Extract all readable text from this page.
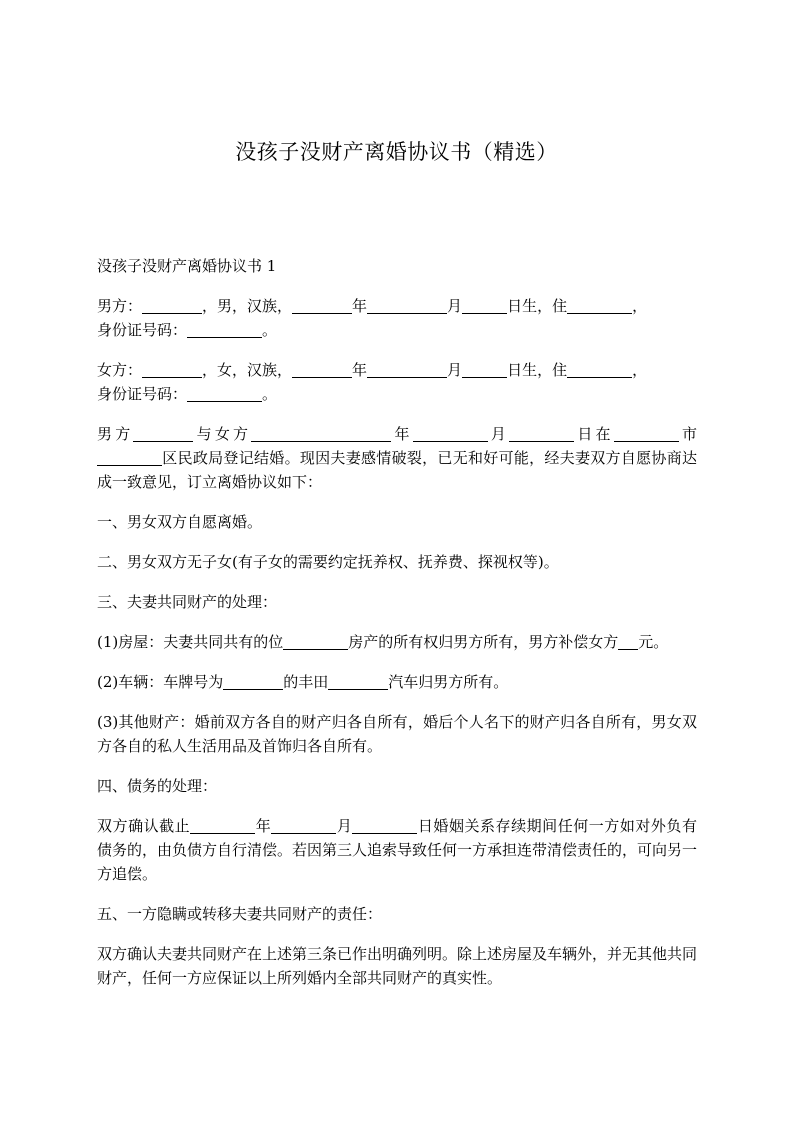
没孩子没财产离婚协议书（精选）

没孩子没财产离婚协议书 1

男方：	，男，汉族，	年	月	日生，住	，
身份证号码：	。

女方：	，女，汉族，	年	月	日生，住	，
身份证号码：	。

男方	与女方	年	月	日在	市区民政局登记结婚。现因夫妻感情破裂，已无和好可能，经夫妻双方自愿协商达成一致意见，订立离婚协议如下：

一、男女双方自愿离婚。

二、男女双方无子女(有子女的需要约定抚养权、抚养费、探视权等)。

三、夫妻共同财产的处理：

(1)房屋：夫妻共同共有的位	房产的所有权归男方所有，男方补偿女方 元。

(2)车辆：车牌号为	的丰田	汽车归男方所有。

(3)其他财产：婚前双方各自的财产归各自所有，婚后个人名下的财产归各自所有，男女双方各自的私人生活用品及首饰归各自所有。

四、债务的处理：

双方确认截止	年	月	日婚姻关系存续期间任何一方如对外负有债务的，由负债方自行清偿。若因第三人追索导致任何一方承担连带清偿责任的，可向另一方追偿。

五、一方隐瞒或转移夫妻共同财产的责任：

双方确认夫妻共同财产在上述第三条已作出明确列明。除上述房屋及车辆外，并无其他共同财产，任何一方应保证以上所列婚内全部共同财产的真实性。
